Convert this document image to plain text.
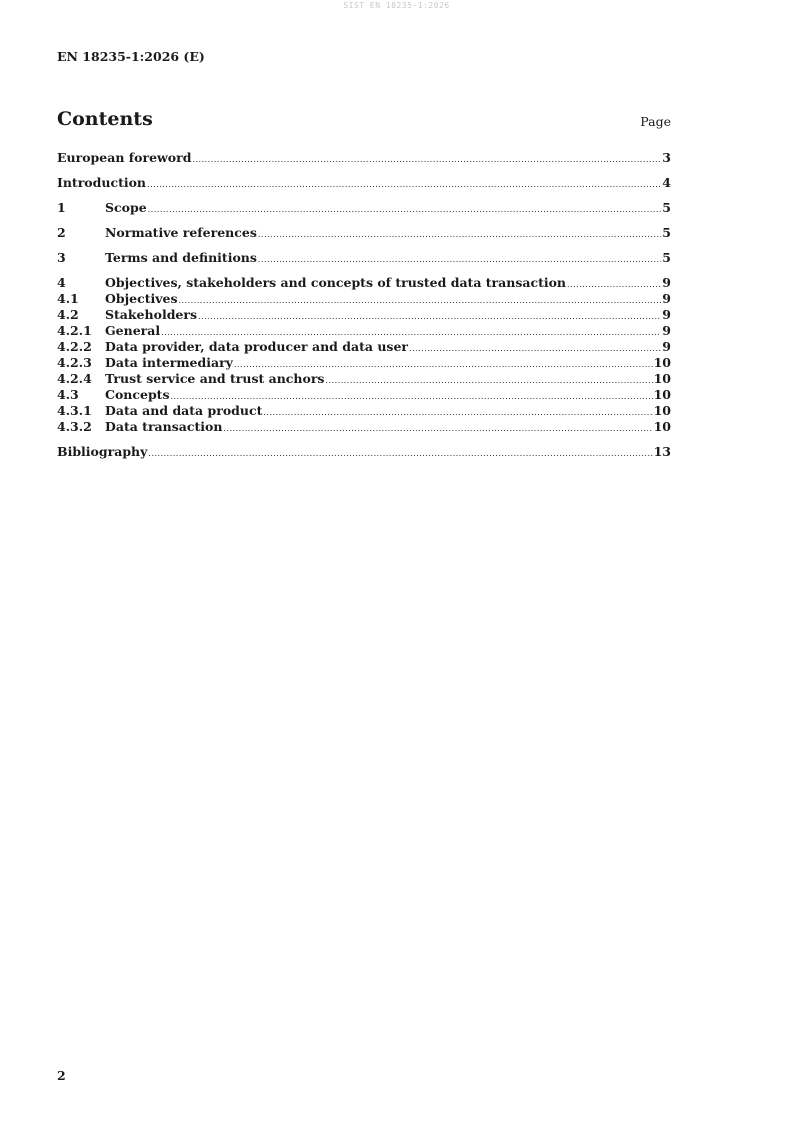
SIST EN 18235-1:2026
EN 18235-1:2026 (E)
Contents	Page
European foreword .....	3
Introduction .....	4
1	Scope .....	5
2	Normative references .....	5
3	Terms and definitions .....	5
4	Objectives, stakeholders and concepts of trusted data transaction .....	9
4.1	Objectives .....	9
4.2	Stakeholders .....	9
4.2.1	General .....	9
4.2.2	Data provider, data producer and data user .....	9
4.2.3	Data intermediary .....	10
4.2.4	Trust service and trust anchors .....	10
4.3	Concepts .....	10
4.3.1	Data and data product .....	10
4.3.2	Data transaction .....	10
Bibliography .....	13
2
